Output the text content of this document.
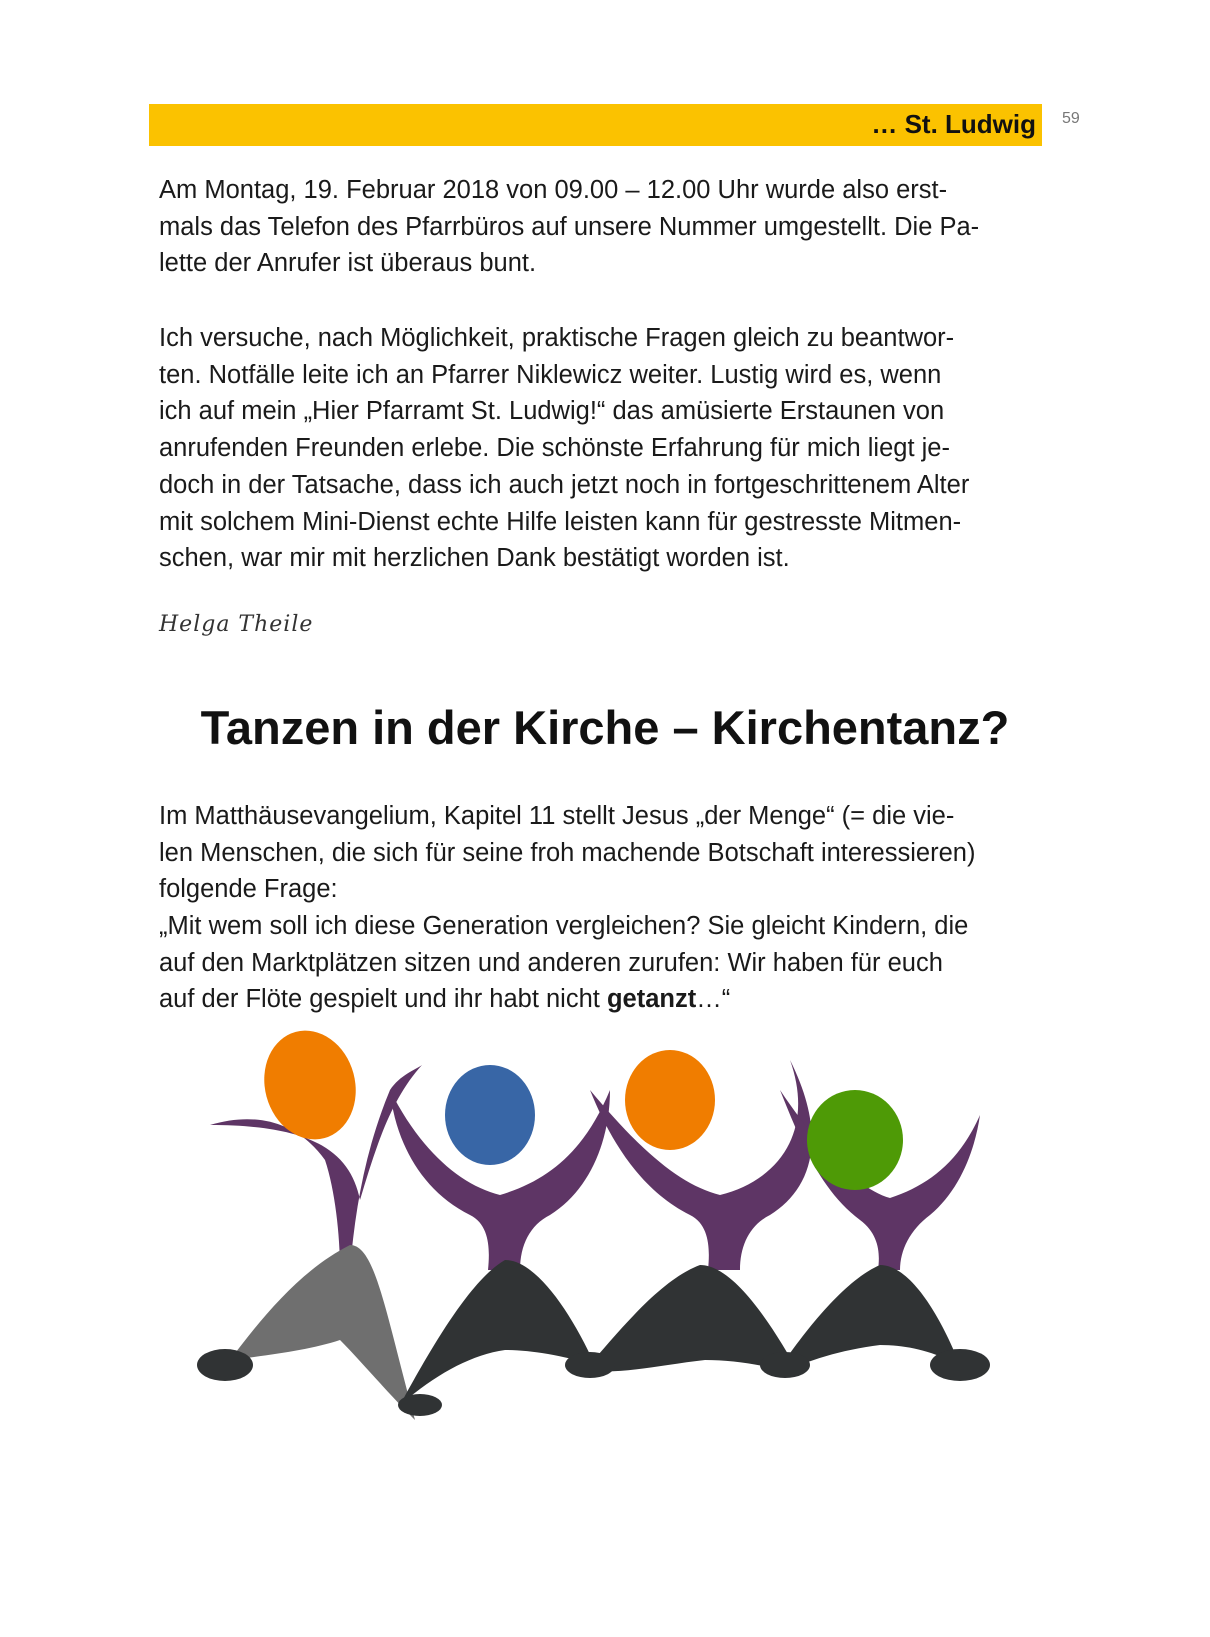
… St. Ludwig 59

Am Montag, 19. Februar 2018 von 09.00 – 12.00 Uhr wurde also erst-
mals das Telefon des Pfarrbüros auf unsere Nummer umgestellt. Die Pa-
lette der Anrufer ist überaus bunt.

Ich versuche, nach Möglichkeit, praktische Fragen gleich zu beantwor-
ten. Notfälle leite ich an Pfarrer Niklewicz weiter. Lustig wird es, wenn
ich auf mein „Hier Pfarramt St. Ludwig!“ das amüsierte Erstaunen von
anrufenden Freunden erlebe. Die schönste Erfahrung für mich liegt je-
doch in der Tatsache, dass ich auch jetzt noch in fortgeschrittenem Alter
mit solchem Mini-Dienst echte Hilfe leisten kann für gestresste Mitmen-
schen, war mir mit herzlichen Dank bestätigt worden ist.

Helga Theile
Tanzen in der Kirche – Kirchentanz?

Im Matthäusevangelium, Kapitel 11 stellt Jesus „der Menge“ (= die vie-
len Menschen, die sich für seine froh machende Botschaft interessieren)
folgende Frage:

„Mit wem soll ich diese Generation vergleichen? Sie gleicht Kindern, die
auf den Marktplätzen sitzen und anderen zurufen: Wir haben für euch
auf der Flöte gespielt und ihr habt nicht getanzt…“
